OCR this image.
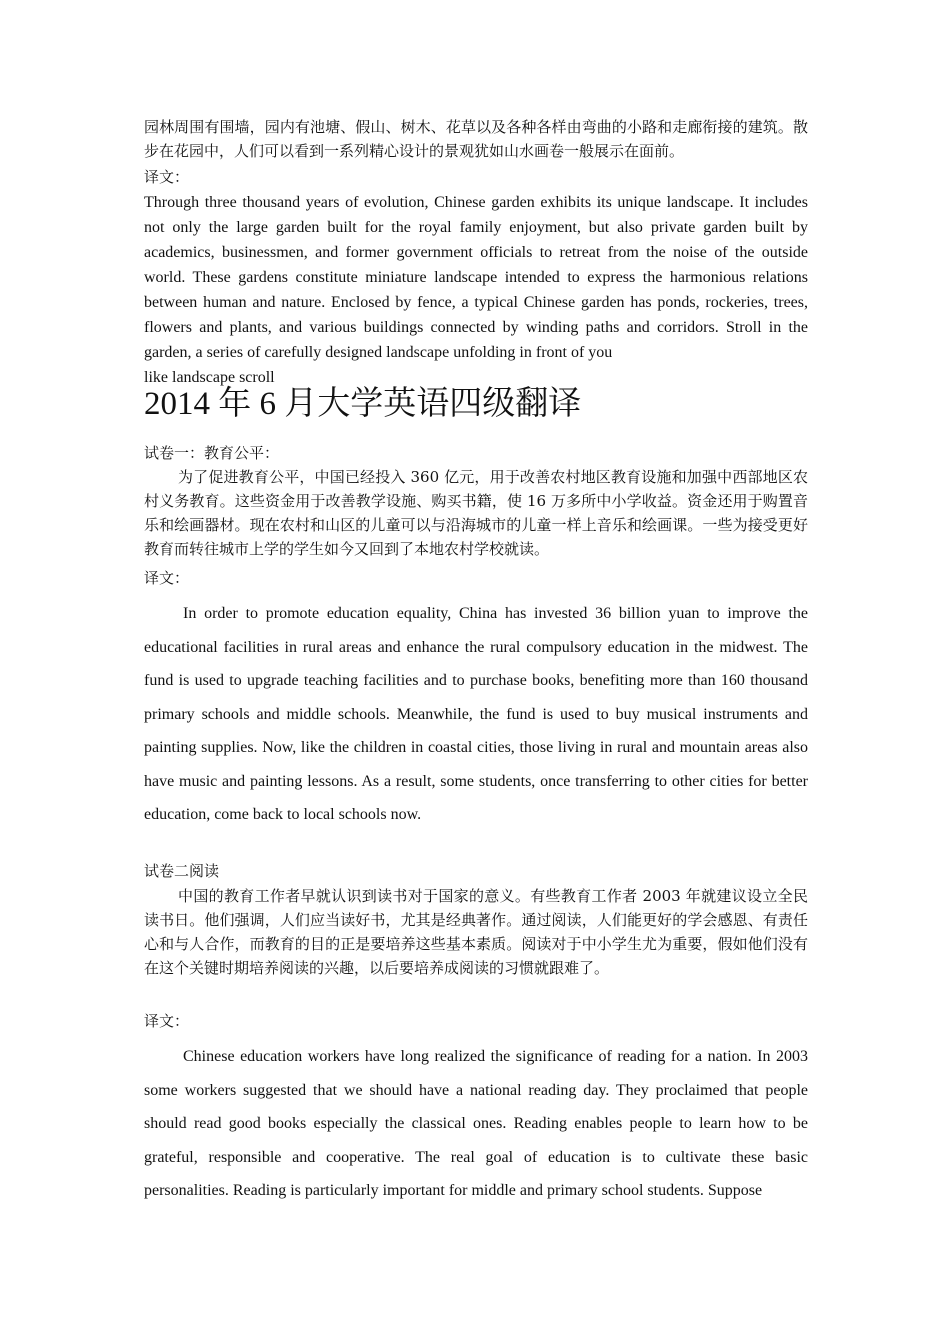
园林周围有围墙，园内有池塘、假山、树木、花草以及各种各样由弯曲的小路和走廊衔接的建筑。散步在花园中，人们可以看到一系列精心设计的景观犹如山水画卷一般展示在面前。

译文：

Through three thousand years of evolution, Chinese garden exhibits its unique landscape. It includes not only the large garden built for the royal family enjoyment, but also private garden built by academics, businessmen, and former government officials to retreat from the noise of the outside world. These gardens constitute miniature landscape intended to express the harmonious relations between human and nature. Enclosed by fence, a typical Chinese garden has ponds, rockeries, trees, flowers and plants, and various buildings connected by winding paths and corridors. Stroll in the garden, a series of carefully designed landscape unfolding in front of you

like landscape scroll

2014 年 6 月大学英语四级翻译

试卷一：教育公平：

为了促进教育公平，中国已经投入 360 亿元，用于改善农村地区教育设施和加强中西部地区农村义务教育。这些资金用于改善教学设施、购买书籍，使 16 万多所中小学收益。资金还用于购置音乐和绘画器材。现在农村和山区的儿童可以与沿海城市的儿童一样上音乐和绘画课。一些为接受更好教育而转往城市上学的学生如今又回到了本地农村学校就读。

译文：

In order to promote education equality, China has invested 36 billion yuan to improve the educational facilities in rural areas and enhance the rural compulsory education in the midwest. The fund is used to upgrade teaching facilities and to purchase books, benefiting more than 160 thousand primary schools and middle schools. Meanwhile, the fund is used to buy musical instruments and painting supplies. Now, like the children in coastal cities, those living in rural and mountain areas also have music and painting lessons. As a result, some students, once transferring to other cities for better education, come back to local schools now.

试卷二阅读

中国的教育工作者早就认识到读书对于国家的意义。有些教育工作者 2003 年就建议设立全民读书日。他们强调，人们应当读好书，尤其是经典著作。通过阅读，人们能更好的学会感恩、有责任心和与人合作，而教育的目的正是要培养这些基本素质。阅读对于中小学生尤为重要，假如他们没有在这个关键时期培养阅读的兴趣，以后要培养成阅读的习惯就跟难了。

译文：

Chinese education workers have long realized the significance of reading for a nation. In 2003 some workers suggested that we should have a national reading day. They proclaimed that people should read good books especially the classical ones. Reading enables people to learn how to be grateful, responsible and cooperative. The real goal of education is to cultivate these basic personalities. Reading is particularly important for middle and primary school students. Suppose
